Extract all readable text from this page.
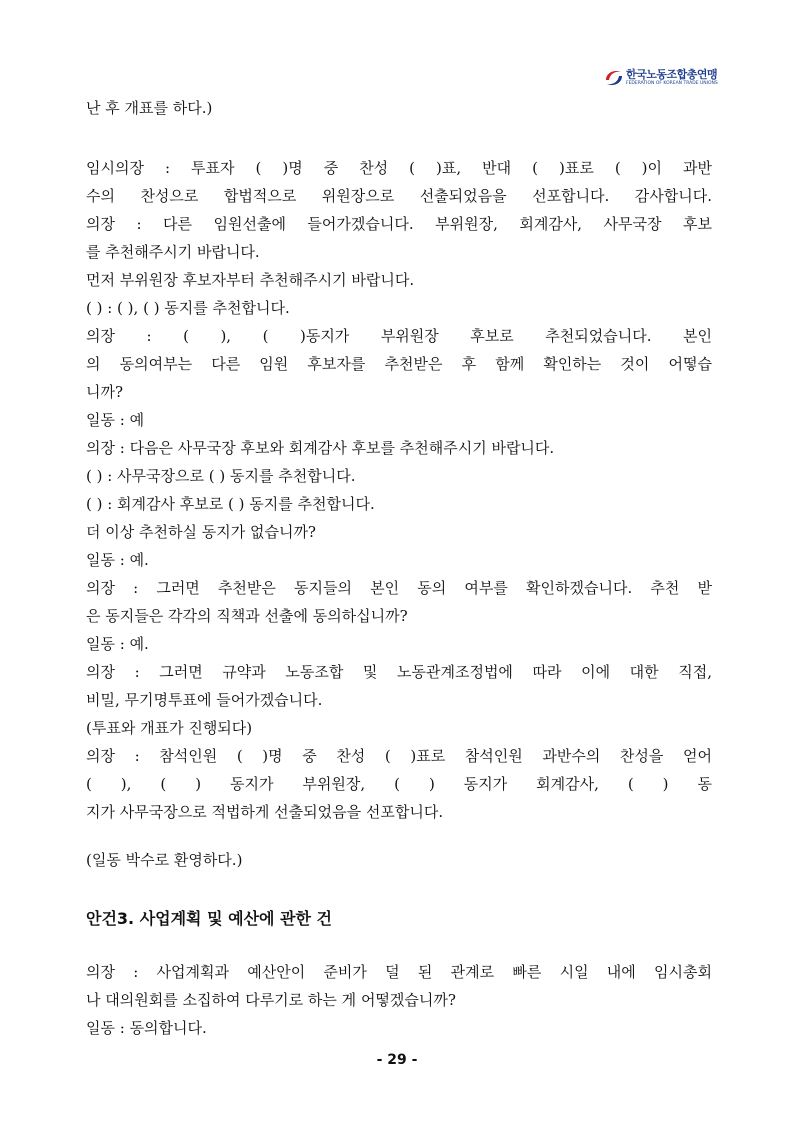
한국노동조합총연맹
FEDERATION OF KOREAN TRADE UNIONS
난 후 개표를 하다.)
임시의장 : 투표자 ( )명 중 찬성 ( )표, 반대 ( )표로 ( )이 과반
수의 찬성으로 합법적으로 위원장으로 선출되었음을 선포합니다. 감사합니다.
의장 : 다른 임원선출에 들어가겠습니다. 부위원장, 회계감사, 사무국장 후보
를 추천해주시기 바랍니다.
먼저 부위원장 후보자부터 추천해주시기 바랍니다.
( ) : ( ), ( ) 동지를 추천합니다.
의장 : ( ), ( )동지가 부위원장 후보로 추천되었습니다. 본인
의 동의여부는 다른 임원 후보자를 추천받은 후 함께 확인하는 것이 어떻습
니까?
일동 : 예
의장 : 다음은 사무국장 후보와 회계감사 후보를 추천해주시기 바랍니다.
( ) : 사무국장으로 ( ) 동지를 추천합니다.
( ) : 회계감사 후보로 ( ) 동지를 추천합니다.
더 이상 추천하실 동지가 없습니까?
일동 : 예.
의장 : 그러면 추천받은 동지들의 본인 동의 여부를 확인하겠습니다. 추천 받
은 동지들은 각각의 직책과 선출에 동의하십니까?
일동 : 예.
의장 : 그러면 규약과 노동조합 및 노동관계조정법에 따라 이에 대한 직접,
비밀, 무기명투표에 들어가겠습니다.
(투표와 개표가 진행되다)
의장 : 참석인원 ( )명 중 찬성 ( )표로 참석인원 과반수의 찬성을 얻어
( ), ( ) 동지가 부위원장, ( ) 동지가 회계감사, ( ) 동
지가 사무국장으로 적법하게 선출되었음을 선포합니다.
(일동 박수로 환영하다.)
안건3. 사업계획 및 예산에 관한 건
의장 : 사업계획과 예산안이 준비가 덜 된 관계로 빠른 시일 내에 임시총회
나 대의원회를 소집하여 다루기로 하는 게 어떻겠습니까?
일동 : 동의합니다.
- 29 -
